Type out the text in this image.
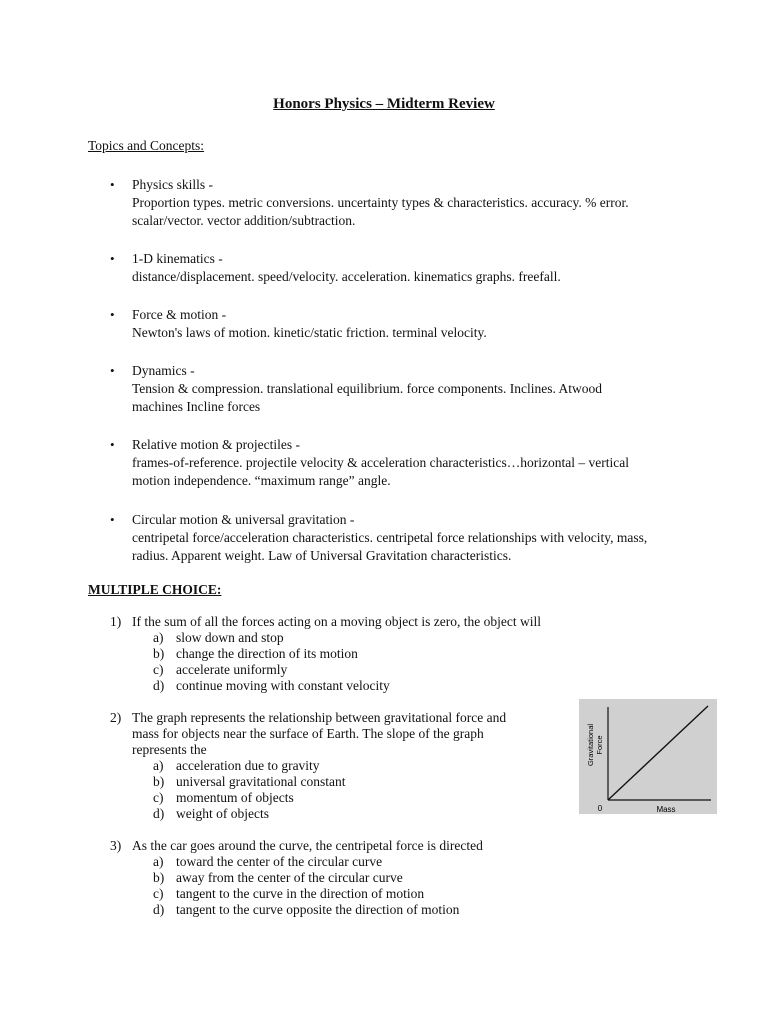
Honors Physics – Midterm Review
Topics and Concepts:
• Physics skills -
Proportion types. metric conversions. uncertainty types & characteristics. accuracy. % error.
scalar/vector. vector addition/subtraction.
• 1-D kinematics -
distance/displacement. speed/velocity. acceleration. kinematics graphs. freefall.
• Force & motion -
Newton's laws of motion. kinetic/static friction. terminal velocity.
• Dynamics -
Tension & compression. translational equilibrium. force components. Inclines. Atwood
machines Incline forces
• Relative motion & projectiles -
frames-of-reference. projectile velocity & acceleration characteristics…horizontal – vertical
motion independence. “maximum range” angle.
• Circular motion & universal gravitation -
centripetal force/acceleration characteristics. centripetal force relationships with velocity, mass,
radius. Apparent weight. Law of Universal Gravitation characteristics.
MULTIPLE CHOICE:
1) If the sum of all the forces acting on a moving object is zero, the object will
a) slow down and stop
b) change the direction of its motion
c) accelerate uniformly
d) continue moving with constant velocity
2) The graph represents the relationship between gravitational force and
mass for objects near the surface of Earth. The slope of the graph
represents the
a) acceleration due to gravity
b) universal gravitational constant
c) momentum of objects
d) weight of objects	0	Mass
Gravitational Force
3) As the car goes around the curve, the centripetal force is directed
a) toward the center of the circular curve
b) away from the center of the circular curve
c) tangent to the curve in the direction of motion
d) tangent to the curve opposite the direction of motion
